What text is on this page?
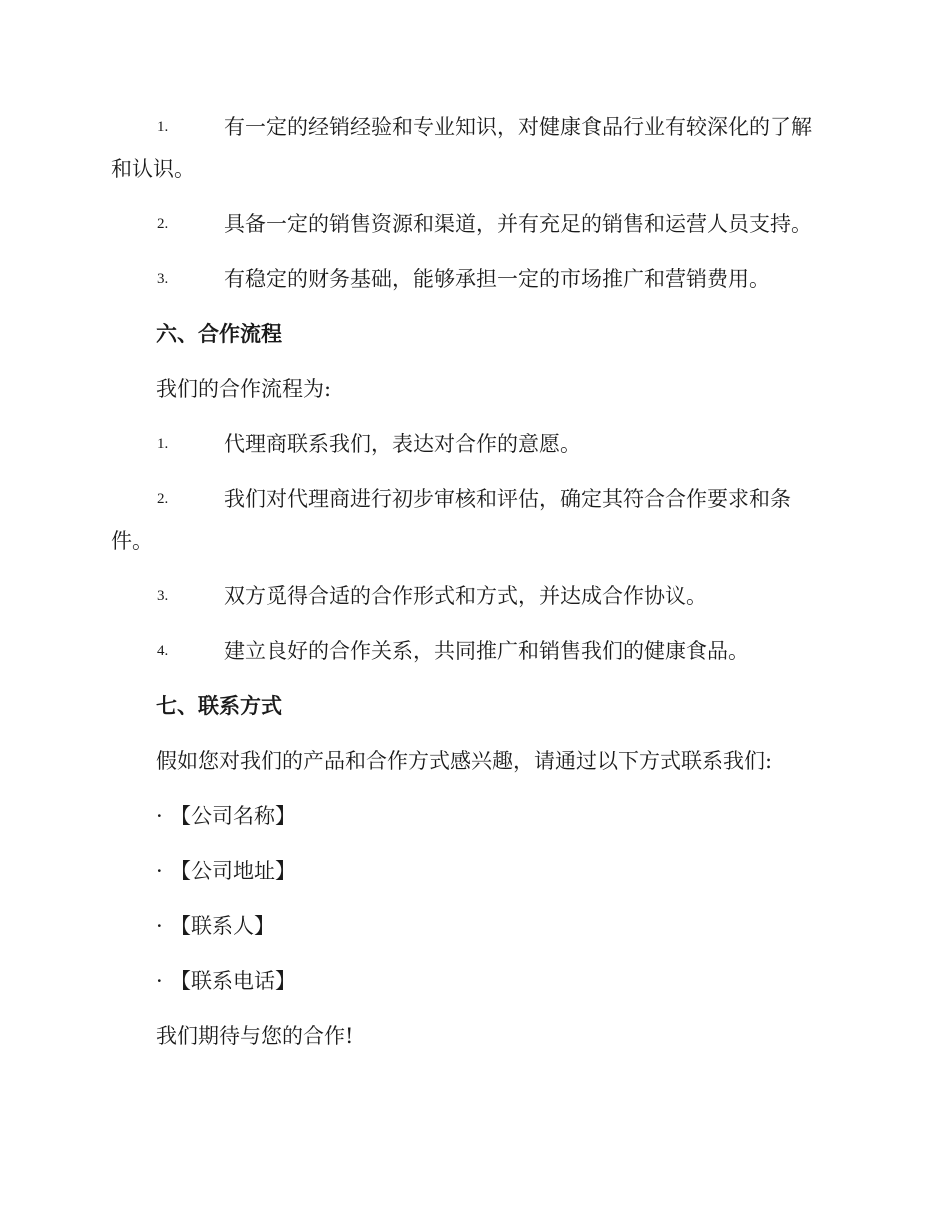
1.	有一定的经销经验和专业知识，对健康食品行业有较深化的了解
和认识。
2.	具备一定的销售资源和渠道，并有充足的销售和运营人员支持。
3.	有稳定的财务基础，能够承担一定的市场推广和营销费用。
六、合作流程
我们的合作流程为:
1.	代理商联系我们，表达对合作的意愿。
2.	我们对代理商进行初步审核和评估，确定其符合合作要求和条
件。
3.	双方觅得合适的合作形式和方式，并达成合作协议。
4.	建立良好的合作关系，共同推广和销售我们的健康食品。
七、联系方式
假如您对我们的产品和合作方式感兴趣，请通过以下方式联系我们:
· 【公司名称】
· 【公司地址】
· 【联系人】
· 【联系电话】
我们期待与您的合作!
